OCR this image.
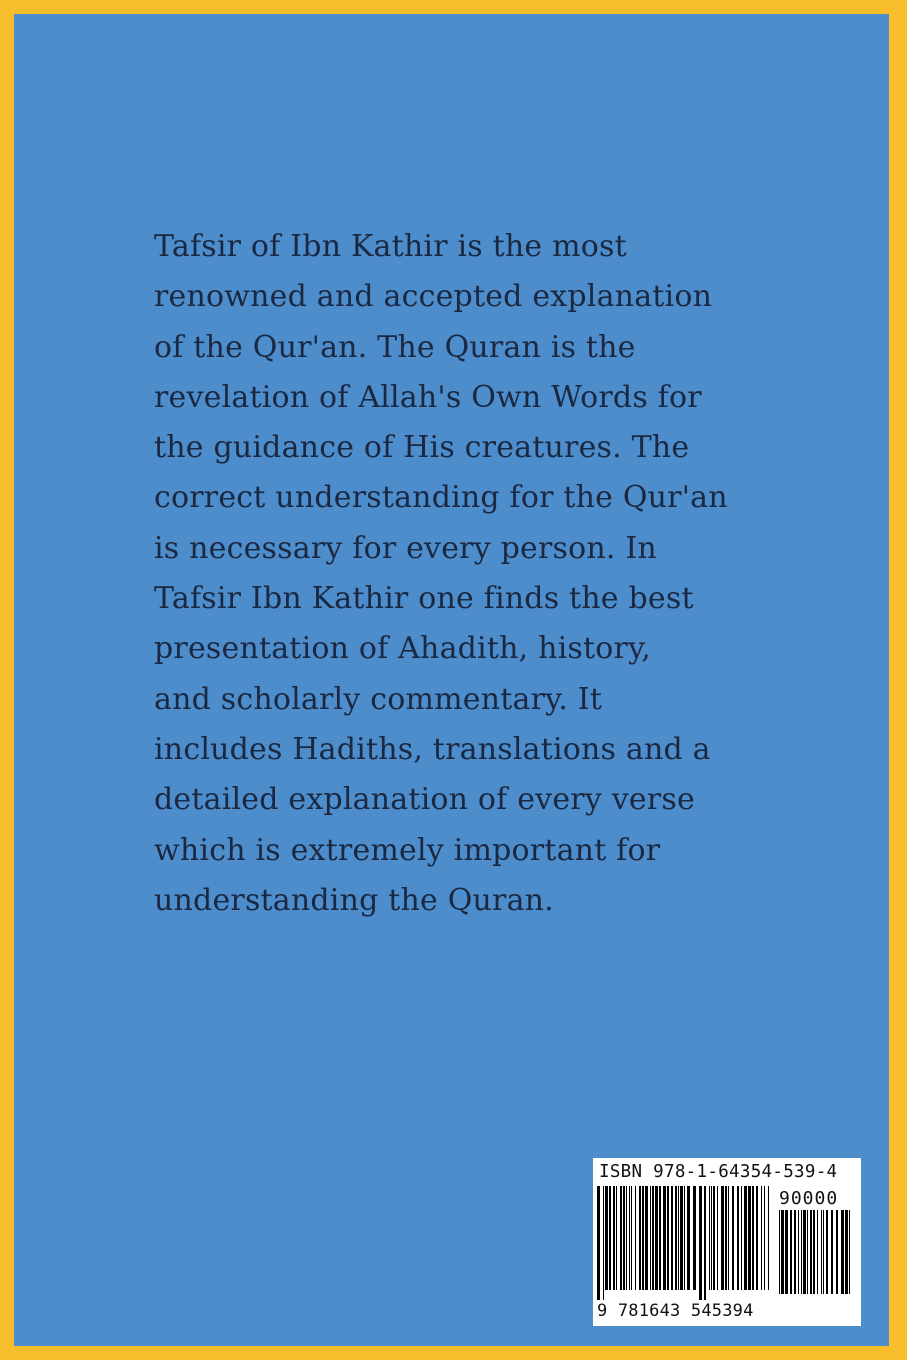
Tafsir of Ibn Kathir is the most
renowned and accepted explanation
of the Qur'an. The Quran is the
revelation of Allah's Own Words for
the guidance of His creatures. The
correct understanding for the Qur'an
is necessary for every person. In
Tafsir Ibn Kathir one finds the best
presentation of Ahadith, history,
and scholarly commentary. It
includes Hadiths, translations and a
detailed explanation of every verse
which is extremely important for
understanding the Quran.

ISBN 978-1-64354-539-4
90000
9 781643 545394
